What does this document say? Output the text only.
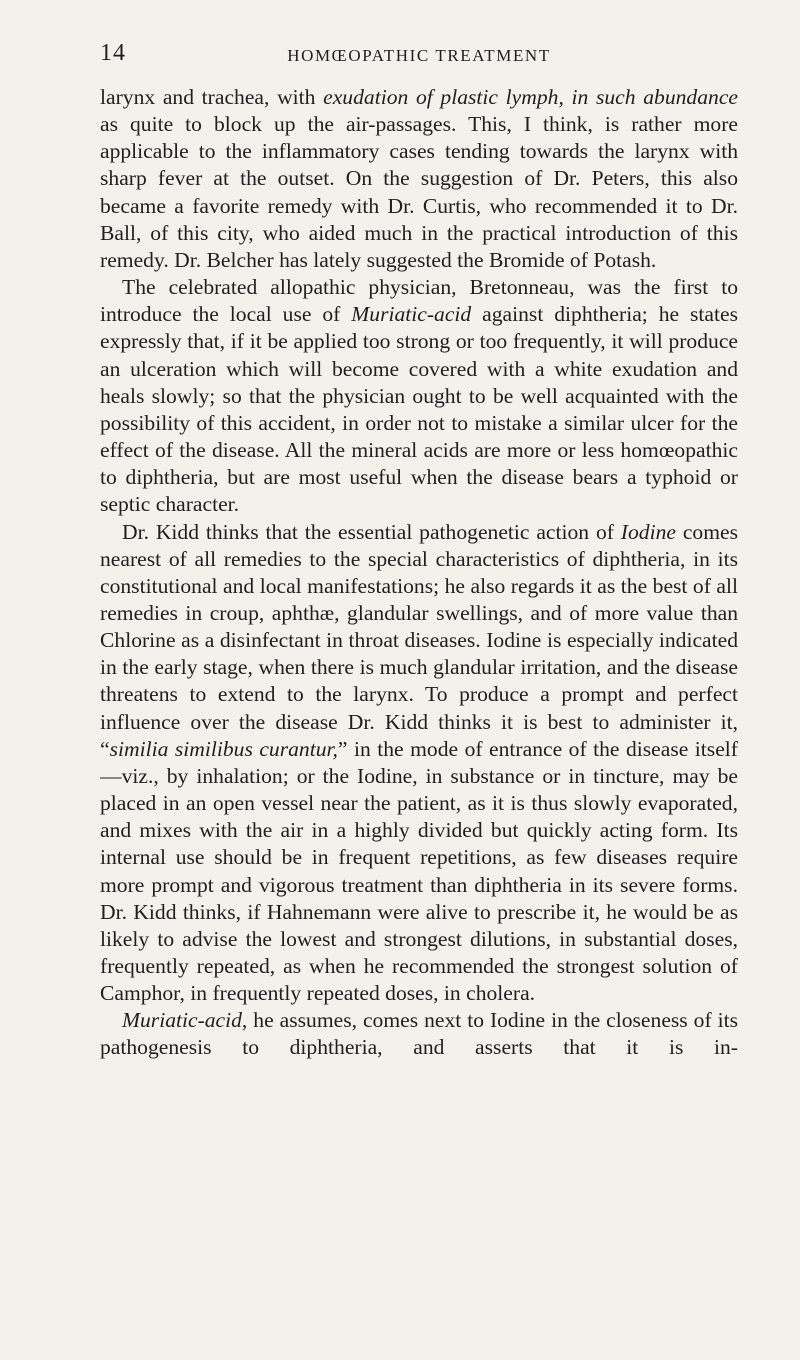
14	HOMŒOPATHIC TREATMENT

larynx and trachea, with exudation of plastic lymph, in such abundance as quite to block up the air-passages. This, I think, is rather more applicable to the inflammatory cases tending towards the larynx with sharp fever at the outset. On the suggestion of Dr. Peters, this also became a favorite remedy with Dr. Curtis, who recommended it to Dr. Ball, of this city, who aided much in the practical introduction of this remedy. Dr. Belcher has lately suggested the Bromide of Potash.

The celebrated allopathic physician, Bretonneau, was the first to introduce the local use of Muriatic-acid against diphtheria; he states expressly that, if it be applied too strong or too frequently, it will produce an ulceration which will become covered with a white exudation and heals slowly; so that the physician ought to be well acquainted with the possibility of this accident, in order not to mistake a similar ulcer for the effect of the disease. All the mineral acids are more or less homœopathic to diphtheria, but are most useful when the disease bears a typhoid or septic character.

Dr. Kidd thinks that the essential pathogenetic action of Iodine comes nearest of all remedies to the special characteristics of diphtheria, in its constitutional and local manifestations; he also regards it as the best of all remedies in croup, aphthæ, glandular swellings, and of more value than Chlorine as a disinfectant in throat diseases. Iodine is especially indicated in the early stage, when there is much glandular irritation, and the disease threatens to extend to the larynx. To produce a prompt and perfect influence over the disease Dr. Kidd thinks it is best to administer it, “similia similibus curantur,” in the mode of entrance of the disease itself—viz., by inhalation; or the Iodine, in substance or in tincture, may be placed in an open vessel near the patient, as it is thus slowly evaporated, and mixes with the air in a highly divided but quickly acting form. Its internal use should be in frequent repetitions, as few diseases require more prompt and vigorous treatment than diphtheria in its severe forms. Dr. Kidd thinks, if Hahnemann were alive to prescribe it, he would be as likely to advise the lowest and strongest dilutions, in substantial doses, frequently repeated, as when he recommended the strongest solution of Camphor, in frequently repeated doses, in cholera.

Muriatic-acid, he assumes, comes next to Iodine in the closeness of its pathogenesis to diphtheria, and asserts that it is in-
